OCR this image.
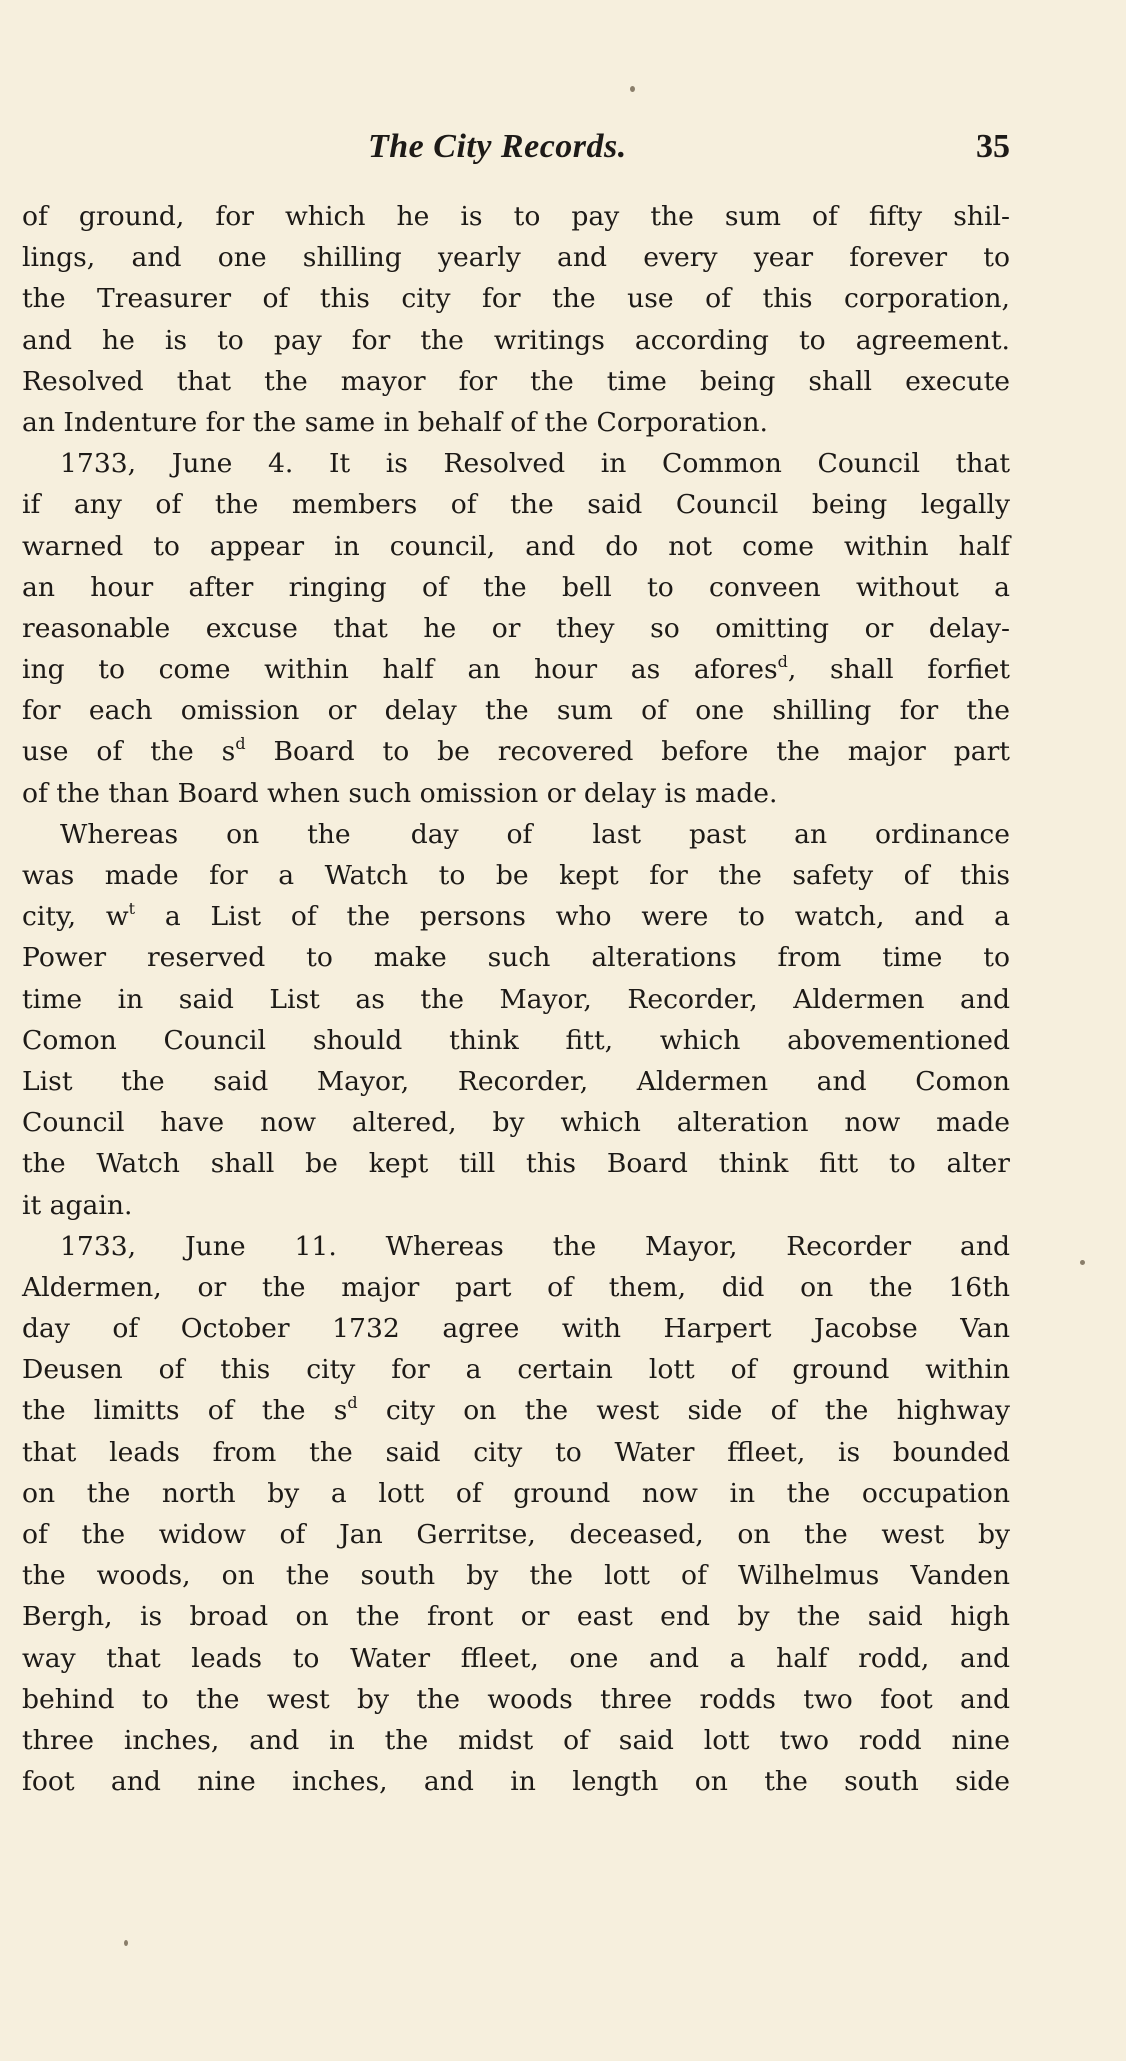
The City Records.	35
of ground, for which he is to pay the sum of fifty shil-
lings, and one shilling yearly and every year forever to
the Treasurer of this city for the use of this corporation,
and he is to pay for the writings according to agreement.
Resolved that the mayor for the time being shall execute
an Indenture for the same in behalf of the Corporation.
1733, June 4. It is Resolved in Common Council that
if any of the members of the said Council being legally
warned to appear in council, and do not come within half
an hour after ringing of the bell to conveen without a
reasonable excuse that he or they so omitting or delay-
ing to come within half an hour as afores$^d$, shall forfiet
for each omission or delay the sum of one shilling for the
use of the $s^d$ Board to be recovered before the major part
of the than Board when such omission or delay is made.
Whereas on the day of last past an ordinance
was made for a Watch to be kept for the safety of this
city, $w^t$ a List of the persons who were to watch, and a
Power reserved to make such alterations from time to
time in said List as the Mayor, Recorder, Aldermen and
Comon Council should think fitt, which abovementioned
List the said Mayor, Recorder, Aldermen and Comon
Council have now altered, by which alteration now made
the Watch shall be kept till this Board think fitt to alter
it again.
1733, June 11. Whereas the Mayor, Recorder and
Aldermen, or the major part of them, did on the 16th
day of October 1732 agree with Harpert Jacobse Van
Deusen of this city for a certain lott of ground within
the limitts of the $s^d$ city on the west side of the highway
that leads from the said city to Water ffleet, is bounded
on the north by a lott of ground now in the occupation
of the widow of Jan Gerritse, deceased, on the west by
the woods, on the south by the lott of Wilhelmus Vanden
Bergh, is broad on the front or east end by the said high
way that leads to Water ffleet, one and a half rodd, and
behind to the west by the woods three rodds two foot and
three inches, and in the midst of said lott two rodd nine
foot and nine inches, and in length on the south side
